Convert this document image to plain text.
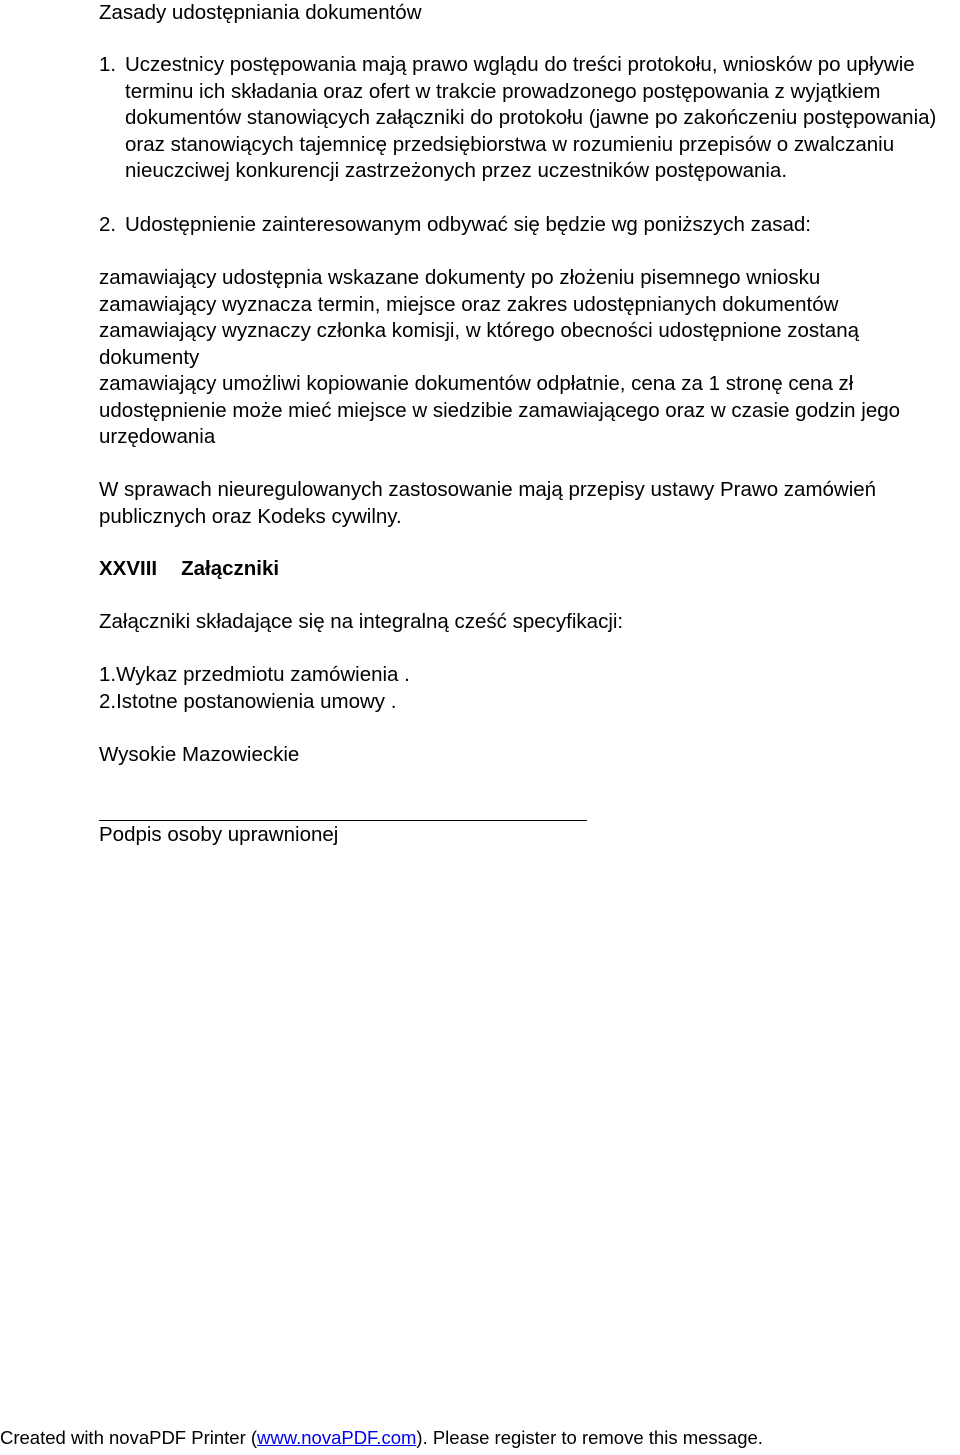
Zasady udostępniania dokumentów
1. Uczestnicy postępowania mają prawo wglądu do treści protokołu, wniosków po upływie terminu ich składania oraz ofert w trakcie prowadzonego postępowania z wyjątkiem dokumentów stanowiących załączniki do protokołu (jawne po zakończeniu postępowania) oraz stanowiących tajemnicę przedsiębiorstwa w rozumieniu przepisów o zwalczaniu nieuczciwej konkurencji zastrzeżonych przez uczestników postępowania.
2. Udostępnienie zainteresowanym odbywać się będzie wg poniższych zasad:
zamawiający udostępnia wskazane dokumenty po złożeniu pisemnego wniosku
zamawiający wyznacza termin, miejsce oraz zakres udostępnianych dokumentów
zamawiający wyznaczy członka komisji, w którego obecności udostępnione zostaną dokumenty
zamawiający umożliwi kopiowanie dokumentów odpłatnie, cena za 1 stronę cena zł
udostępnienie może mieć miejsce w siedzibie zamawiającego oraz w czasie godzin jego urzędowania
W sprawach nieuregulowanych zastosowanie mają przepisy ustawy Prawo zamówień publicznych oraz Kodeks cywilny.
XXVIII Załączniki
Załączniki składające się na integralną cześć specyfikacji:
1.Wykaz przedmiotu zamówienia .
2.Istotne postanowienia umowy .
Wysokie Mazowieckie
Podpis osoby uprawnionej
Created with novaPDF Printer (www.novaPDF.com). Please register to remove this message.
